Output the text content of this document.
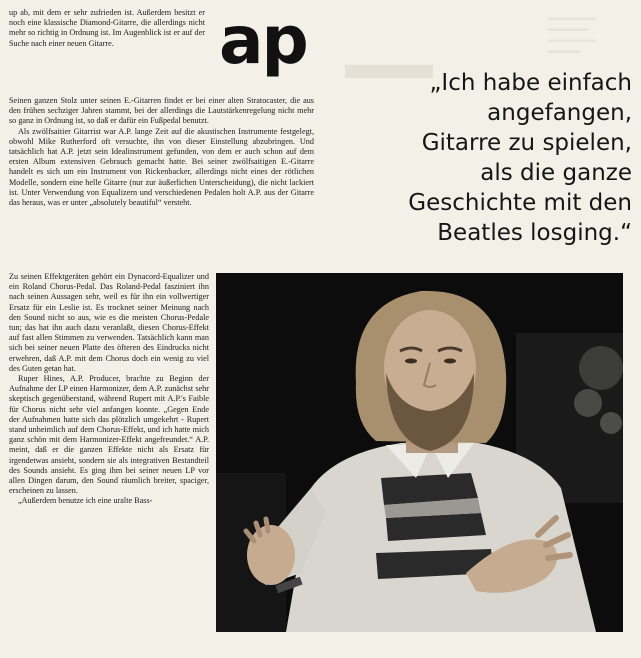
▬▬
▬▬▬▬▬▬
▬▬▬▬▬
▬▬▬▬▬▬
▬▬▬▬

up ab, mit dem er sehr zufrieden ist. Außerdem besitzt er noch eine klassische Diamond-Gitarre, die allerdings nicht mehr so richtig in Ordnung ist. Im Augenblick ist er auf der Suche nach einer neuen Gitarre.	ap
„Ich habe einfach
angefangen,
Gitarre zu spielen,
als die ganze
Geschichte mit den
Beatles losging.“

Seinen ganzen Stolz unter seinen E.-Gitarren findet er bei einer alten Stratocaster, die aus den frühen sechziger Jahren stammt, bei der allerdings die Lautstärkenregelung nicht mehr so ganz in Ordnung ist, so daß er dafür ein Fußpedal benutzt.

Als zwölfsaitier Gitarrist war A.P. lange Zeit auf die akustischen Instrumente festgelegt, obwohl Mike Rutherford oft versuchte, ihn von dieser Einstellung abzubringen. Und tatsächlich hat A.P. jetzt sein Idealinstrument gefunden, von dem er auch schon auf dem ersten Album extensiven Gebrauch gemacht hatte. Bei seiner zwölfsaitigen E.-Gitarre handelt es sich um ein Instrument von Rickenbacker, allerdings nicht eines der rötlichen Modelle, sondern eine helle Gitarre (nur zur äußerlichen Unterscheidung), die nicht lackiert ist. Unter Verwendung von Equalizern und verschiedenen Pedalen holt A.P. aus der Gitarre das heraus, was er unter „absolutely beautiful“ versteht.

Zu seinen Effektgeräten gehört ein Dynacord-Equalizer und ein Roland Chorus-Pedal. Das Roland-Pedal fasziniert ihn nach seinen Aussagen sehr, weil es für ihn ein vollwertiger Ersatz für ein Leslie ist. Es trocknet seiner Meinung nach den Sound nicht so aus, wie es die meisten Chorus-Pedale tun; das hat ihn auch dazu veranlaßt, diesen Chorus-Effekt auf fast allen Stimmen zu verwenden. Tatsächlich kann man sich bei seiner neuen Platte des öfteren des Eindrucks nicht erwehren, daß A.P. mit dem Chorus doch ein wenig zu viel des Guten getan hat.

Ruper Hines, A.P. Producer, brachte zu Beginn der Aufnahme der LP einen Harmonizer, dem A.P. zunächst sehr skeptisch gegenüberstand, während Rupert mit A.P.'s Faible für Chorus nicht sehr viel anfangen konnte. „Gegen Ende der Aufnahmen hatte sich das plötzlich umgekehrt - Rupert stand unheimlich auf dem Chorus-Effekt, und ich hatte mich ganz schön mit dem Harmonizer-Effekt angefreundet.“ A.P. meint, daß er die ganzen Effekte nicht als Ersatz für irgendetwas ansieht, sondern sie als integrativen Bestandteil des Sounds ansieht. Es ging ihm bei seiner neuen LP vor allen Dingen darum, den Sound räumlich breiter, spaciger, erscheinen zu lassen.

„Außerdem benutze ich eine uralte Bass-
